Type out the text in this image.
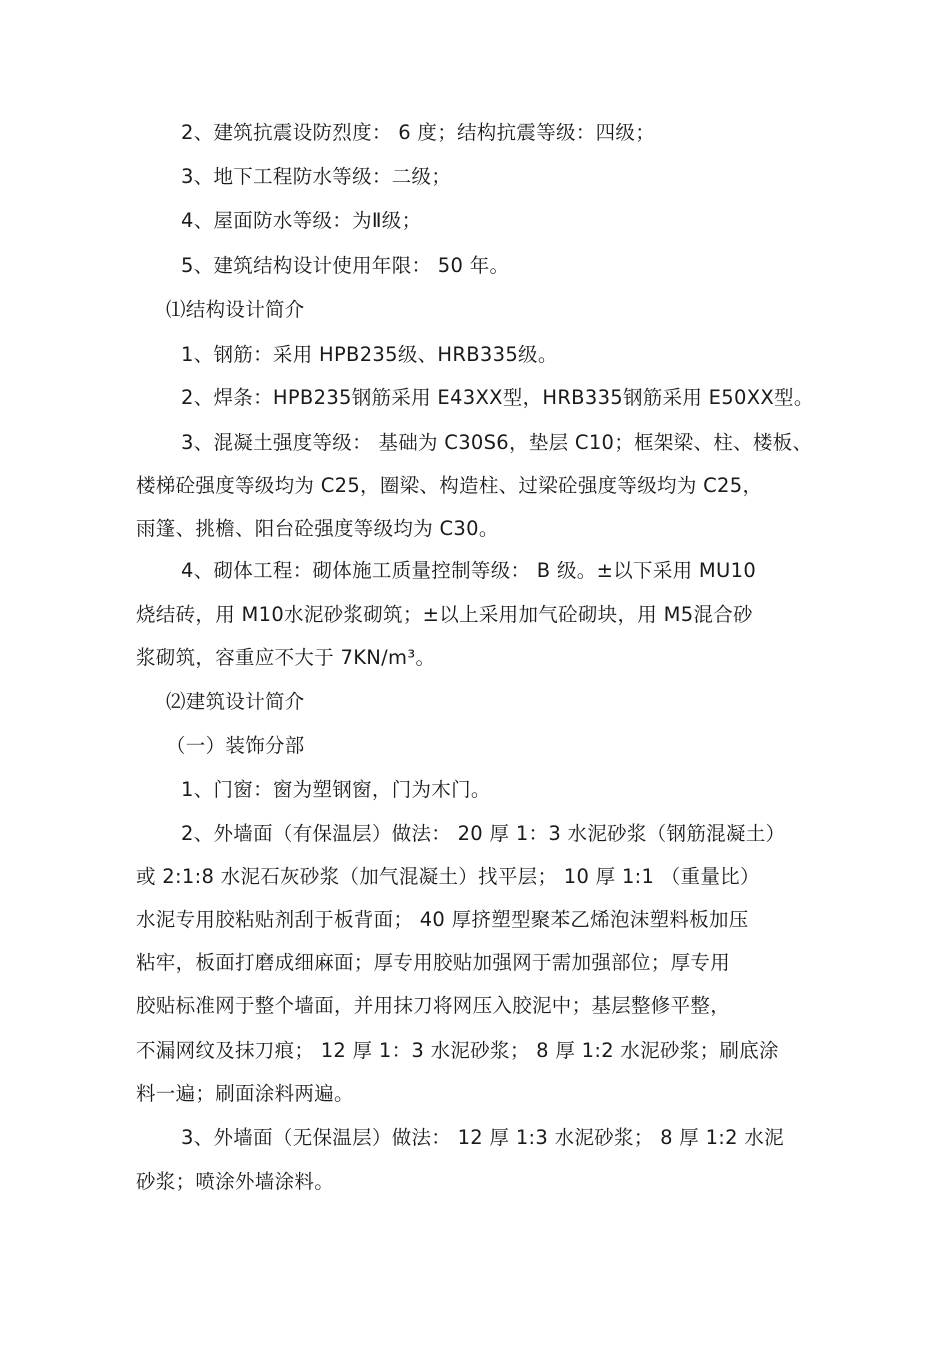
2、建筑抗震设防烈度： 6 度；结构抗震等级：四级；
3、地下工程防水等级：二级；
4、屋面防水等级：为Ⅱ级；
5、建筑结构设计使用年限： 50 年。
⑴结构设计简介
1、钢筋：采用 HPB235级、HRB335级。
2、焊条：HPB235钢筋采用 E43XX型，HRB335钢筋采用 E50XX型。
3、混凝土强度等级： 基础为 C30S6，垫层 C10；框架梁、柱、楼板、
楼梯砼强度等级均为 C25，圈梁、构造柱、过梁砼强度等级均为 C25，
雨篷、挑檐、阳台砼强度等级均为 C30。
4、砌体工程：砌体施工质量控制等级： B 级。±以下采用 MU10
烧结砖，用 M10水泥砂浆砌筑；±以上采用加气砼砌块，用 M5混合砂
浆砌筑，容重应不大于 7KN/m³。
⑵建筑设计简介
（一）装饰分部
1、门窗：窗为塑钢窗，门为木门。
2、外墙面（有保温层）做法： 20 厚 1：3 水泥砂浆（钢筋混凝土）
或 2:1:8 水泥石灰砂浆（加气混凝土）找平层； 10 厚 1:1 （重量比）
水泥专用胶粘贴剂刮于板背面； 40 厚挤塑型聚苯乙烯泡沫塑料板加压
粘牢，板面打磨成细麻面；厚专用胶贴加强网于需加强部位；厚专用
胶贴标准网于整个墙面，并用抹刀将网压入胶泥中；基层整修平整，
不漏网纹及抹刀痕； 12 厚 1：3 水泥砂浆； 8 厚 1:2 水泥砂浆；刷底涂
料一遍；刷面涂料两遍。
3、外墙面（无保温层）做法： 12 厚 1:3 水泥砂浆； 8 厚 1:2 水泥
砂浆；喷涂外墙涂料。
